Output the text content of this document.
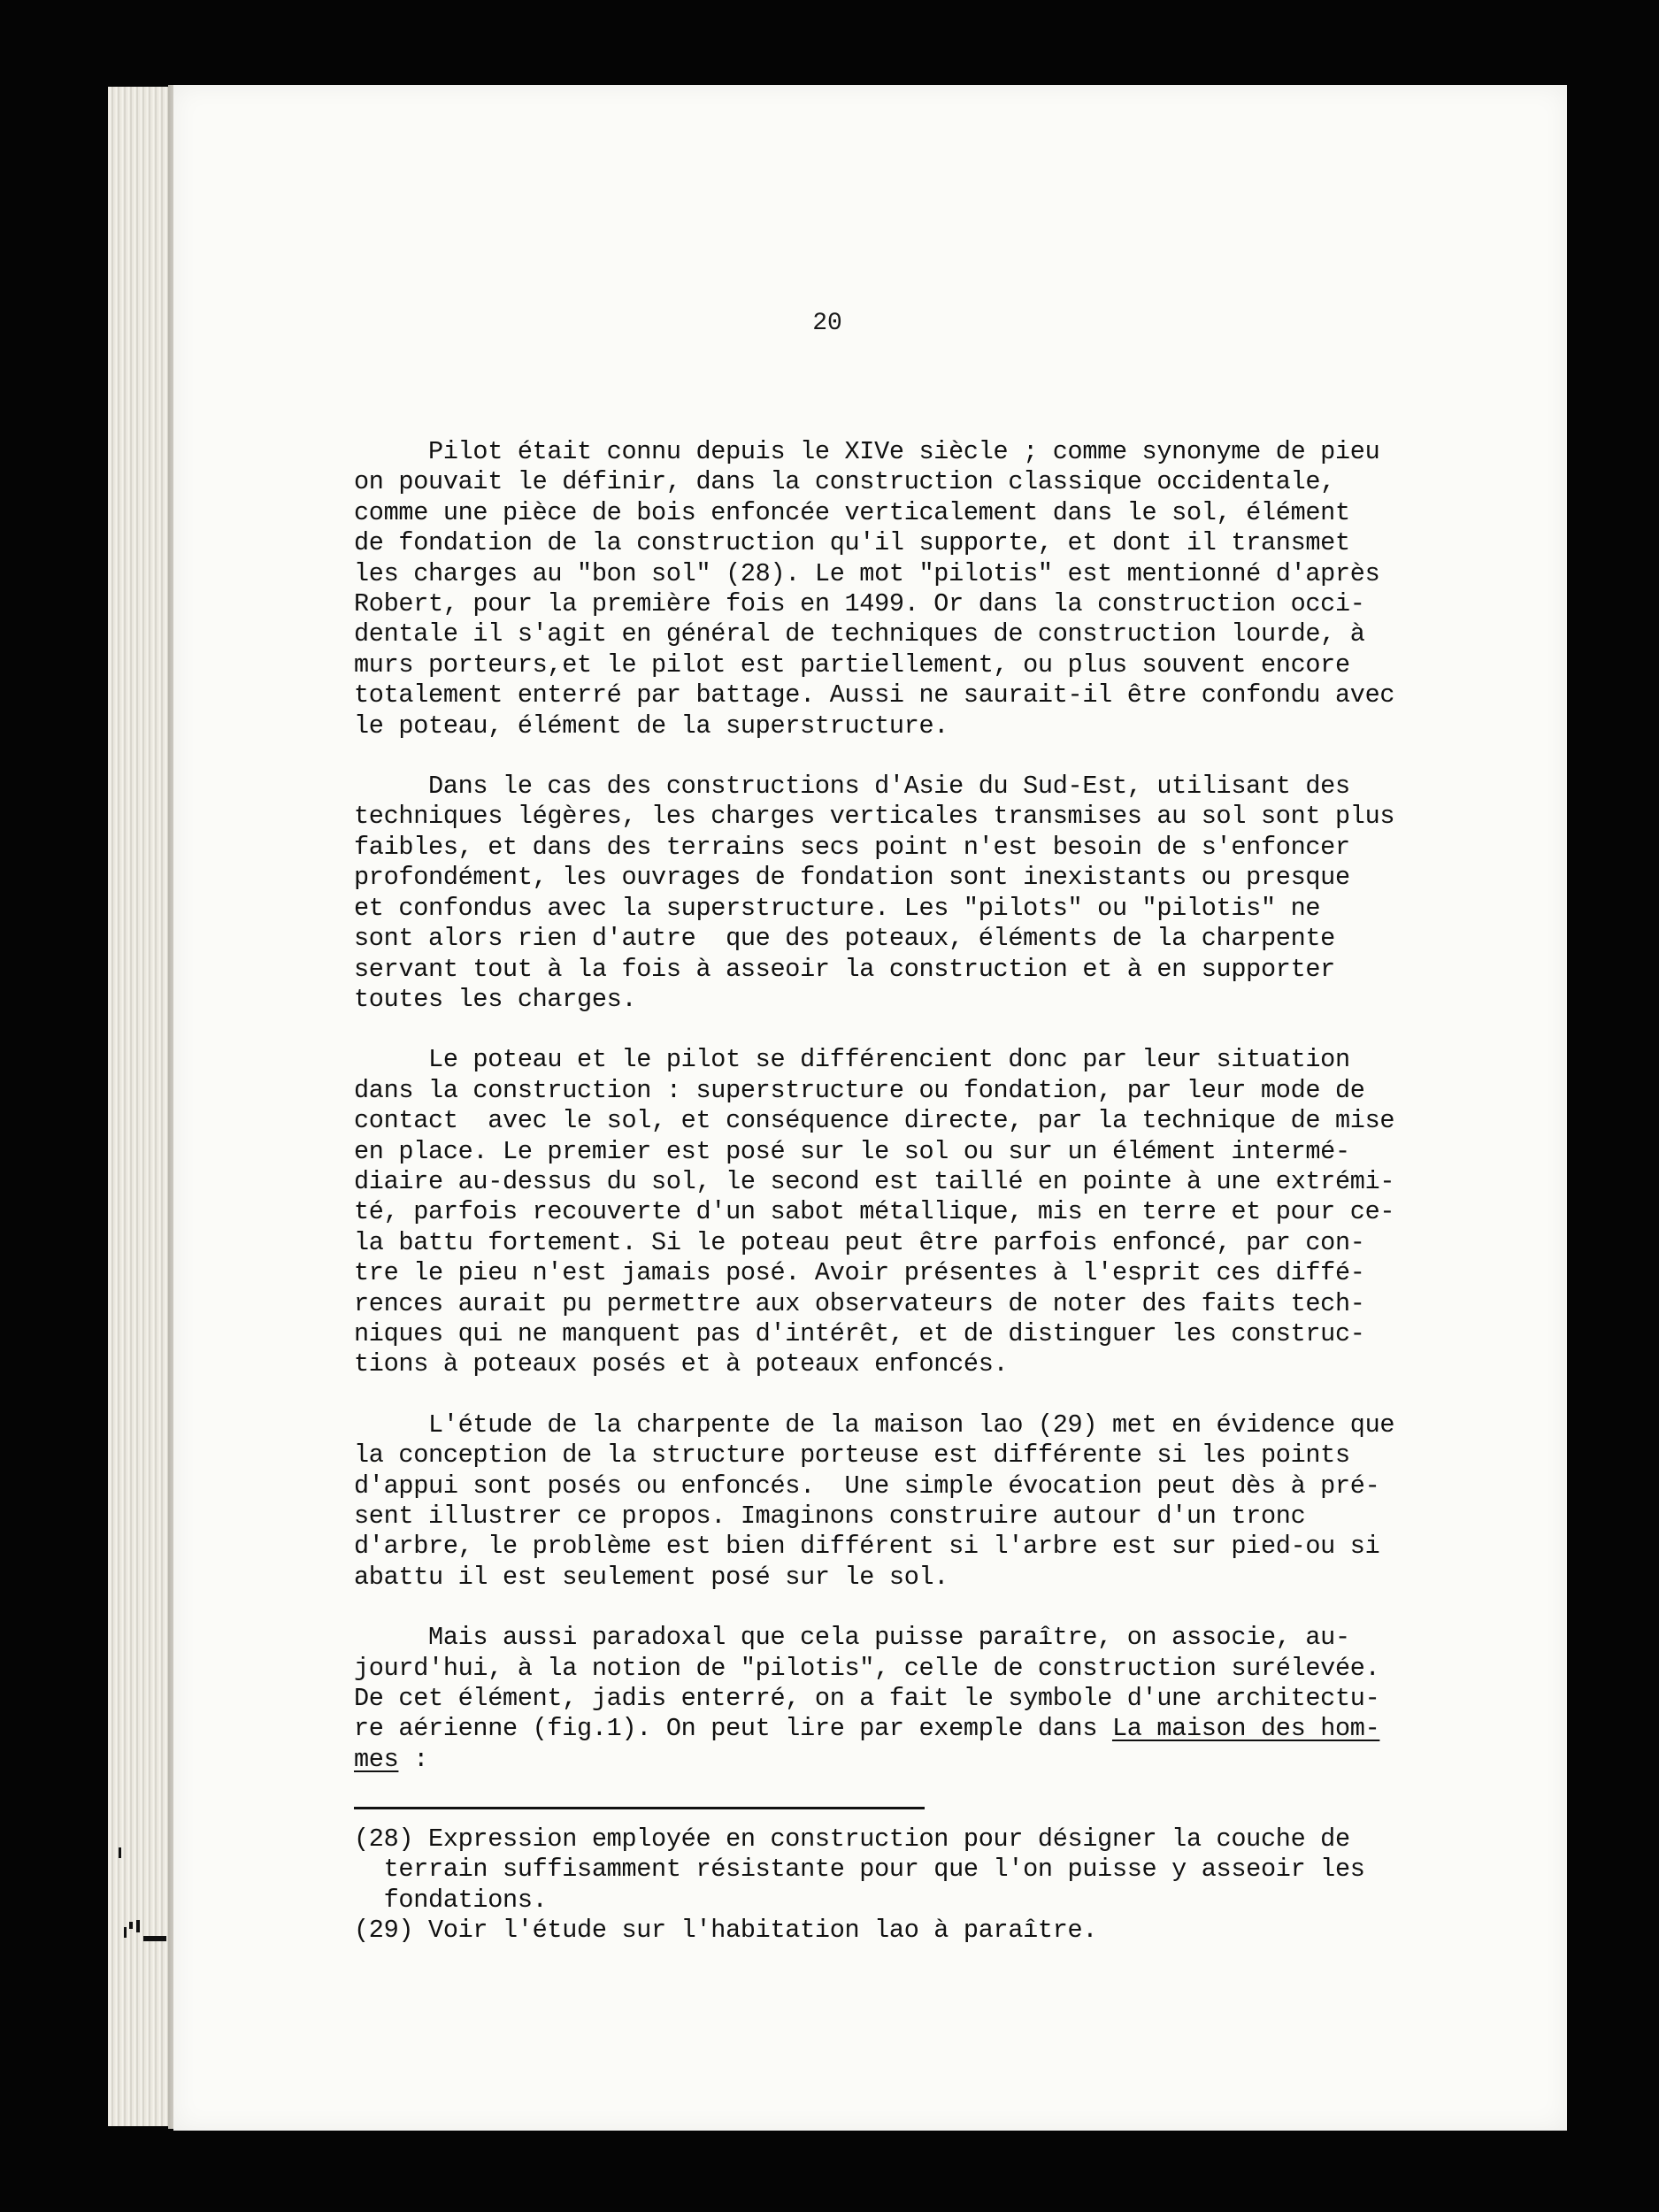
20
Pilot était connu depuis le XIVe siècle ; comme synonyme de pieu
on pouvait le définir, dans la construction classique occidentale,
comme une pièce de bois enfoncée verticalement dans le sol, élément
de fondation de la construction qu'il supporte, et dont il transmet
les charges au "bon sol" (28). Le mot "pilotis" est mentionné d'après
Robert, pour la première fois en 1499. Or dans la construction occi-
dentale il s'agit en général de techniques de construction lourde, à
murs porteurs,et le pilot est partiellement, ou plus souvent encore
totalement enterré par battage. Aussi ne saurait-il être confondu avec
le poteau, élément de la superstructure.
Dans le cas des constructions d'Asie du Sud-Est, utilisant des
techniques légères, les charges verticales transmises au sol sont plus
faibles, et dans des terrains secs point n'est besoin de s'enfoncer
profondément, les ouvrages de fondation sont inexistants ou presque
et confondus avec la superstructure. Les "pilots" ou "pilotis" ne
sont alors rien d'autre  que des poteaux, éléments de la charpente
servant tout à la fois à asseoir la construction et à en supporter
toutes les charges.
Le poteau et le pilot se différencient donc par leur situation
dans la construction : superstructure ou fondation, par leur mode de
contact  avec le sol, et conséquence directe, par la technique de mise
en place. Le premier est posé sur le sol ou sur un élément intermé-
diaire au-dessus du sol, le second est taillé en pointe à une extrémi-
té, parfois recouverte d'un sabot métallique, mis en terre et pour ce-
la battu fortement. Si le poteau peut être parfois enfoncé, par con-
tre le pieu n'est jamais posé. Avoir présentes à l'esprit ces diffé-
rences aurait pu permettre aux observateurs de noter des faits tech-
niques qui ne manquent pas d'intérêt, et de distinguer les construc-
tions à poteaux posés et à poteaux enfoncés.
L'étude de la charpente de la maison lao (29) met en évidence que
la conception de la structure porteuse est différente si les points
d'appui sont posés ou enfoncés.  Une simple évocation peut dès à pré-
sent illustrer ce propos. Imaginons construire autour d'un tronc
d'arbre, le problème est bien différent si l'arbre est sur pied-ou si
abattu il est seulement posé sur le sol.
Mais aussi paradoxal que cela puisse paraître, on associe, au-
jourd'hui, à la notion de "pilotis", celle de construction surélevée.
De cet élément, jadis enterré, on a fait le symbole d'une architectu-
re aérienne (fig.1). On peut lire par exemple dans La maison des hom-
mes :
(28) Expression employée en construction pour désigner la couche de
terrain suffisamment résistante pour que l'on puisse y asseoir les
fondations.
(29) Voir l'étude sur l'habitation lao à paraître.
